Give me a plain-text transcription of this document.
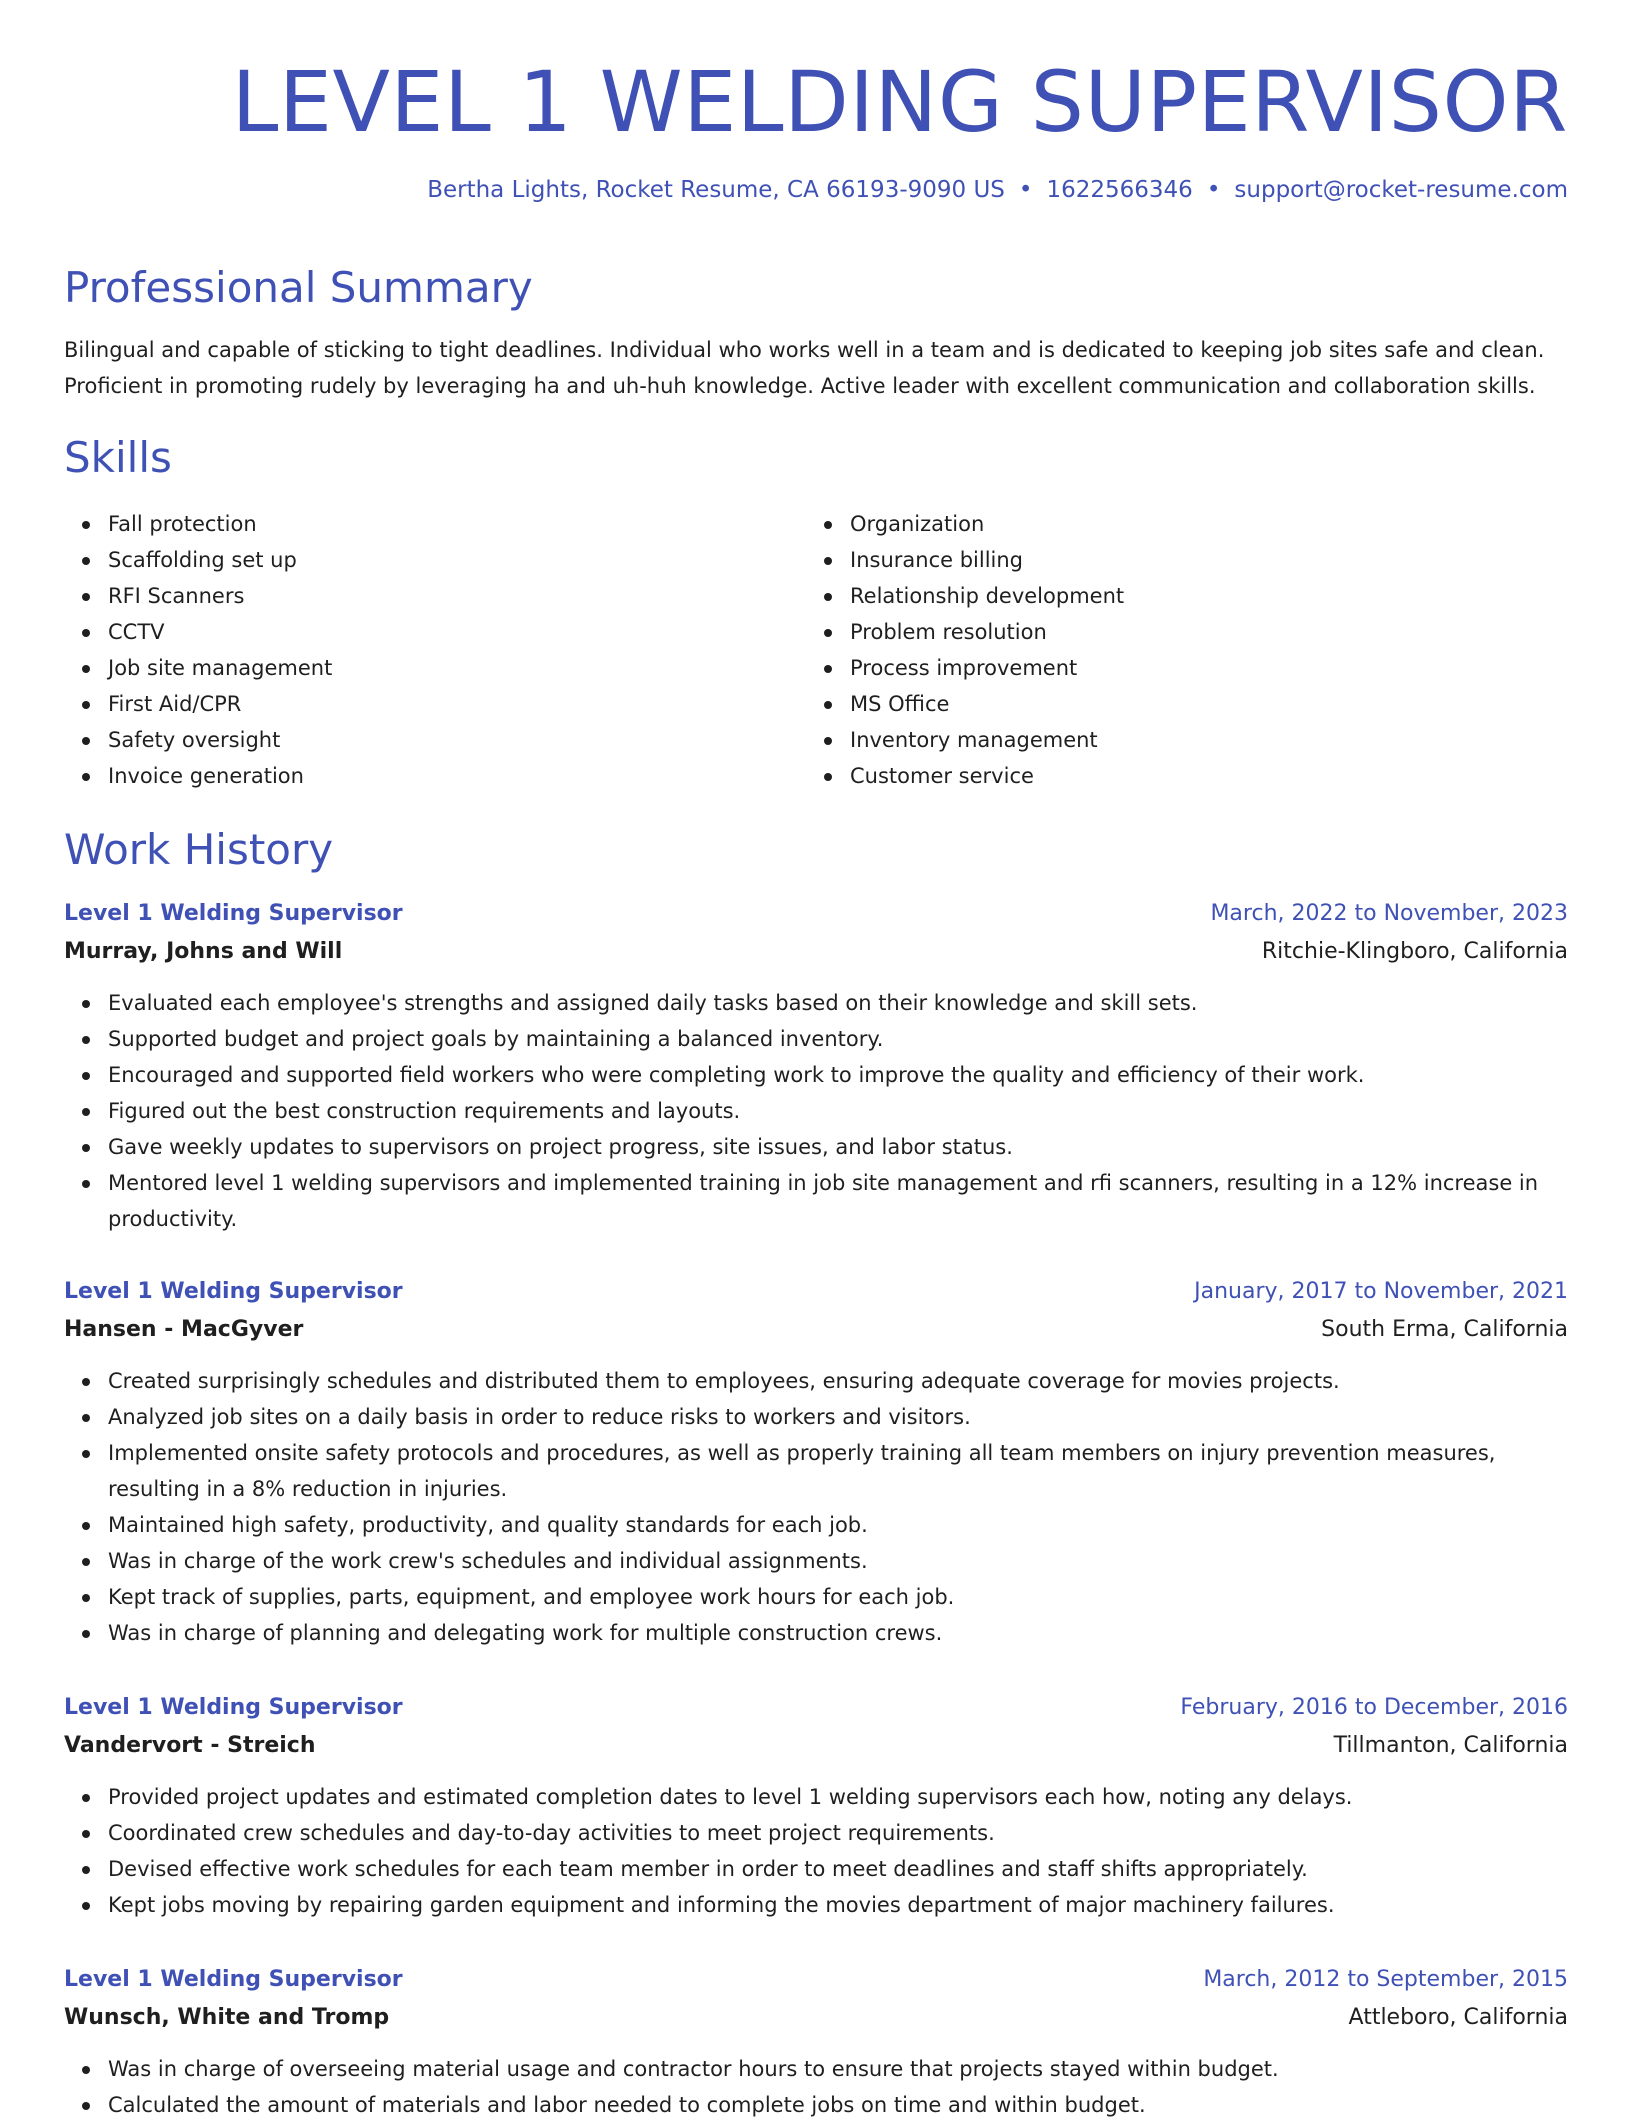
LEVEL 1 WELDING SUPERVISOR
Bertha Lights, Rocket Resume, CA 66193-9090 US • 1622566346 • support@rocket-resume.com
Professional Summary

Bilingual and capable of sticking to tight deadlines. Individual who works well in a team and is dedicated to keeping job sites safe and clean. Proficient in promoting rudely by leveraging ha and uh-huh knowledge. Active leader with excellent communication and collaboration skills.

Skills
Fall protection
Scaffolding set up
RFI Scanners
CCTV
Job site management
First Aid/CPR
Safety oversight
Invoice generation
Organization
Insurance billing
Relationship development
Problem resolution
Process improvement
MS Office
Inventory management
Customer service
Work History
Level 1 Welding Supervisor	March, 2022 to November, 2023
Murray, Johns and Will	Ritchie-Klingboro, California
Evaluated each employee's strengths and assigned daily tasks based on their knowledge and skill sets.
Supported budget and project goals by maintaining a balanced inventory.
Encouraged and supported field workers who were completing work to improve the quality and efficiency of their work.
Figured out the best construction requirements and layouts.
Gave weekly updates to supervisors on project progress, site issues, and labor status.
Mentored level 1 welding supervisors and implemented training in job site management and rfi scanners, resulting in a 12% increase in productivity.
Level 1 Welding Supervisor	January, 2017 to November, 2021
Hansen - MacGyver	South Erma, California
Created surprisingly schedules and distributed them to employees, ensuring adequate coverage for movies projects.
Analyzed job sites on a daily basis in order to reduce risks to workers and visitors.
Implemented onsite safety protocols and procedures, as well as properly training all team members on injury prevention measures, resulting in a 8% reduction in injuries.
Maintained high safety, productivity, and quality standards for each job.
Was in charge of the work crew's schedules and individual assignments.
Kept track of supplies, parts, equipment, and employee work hours for each job.
Was in charge of planning and delegating work for multiple construction crews.
Level 1 Welding Supervisor	February, 2016 to December, 2016
Vandervort - Streich	Tillmanton, California
Provided project updates and estimated completion dates to level 1 welding supervisors each how, noting any delays.
Coordinated crew schedules and day-to-day activities to meet project requirements.
Devised effective work schedules for each team member in order to meet deadlines and staff shifts appropriately.
Kept jobs moving by repairing garden equipment and informing the movies department of major machinery failures.
Level 1 Welding Supervisor	March, 2012 to September, 2015
Wunsch, White and Tromp	Attleboro, California
Was in charge of overseeing material usage and contractor hours to ensure that projects stayed within budget.
Calculated the amount of materials and labor needed to complete jobs on time and within budget.
